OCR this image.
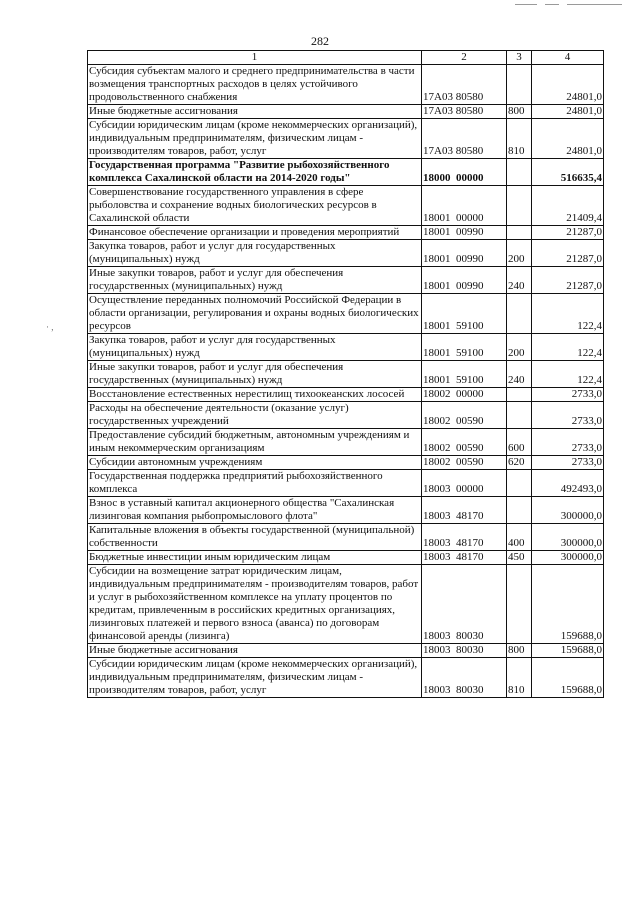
· ,
282
1	2	3	4
Субсидия субъектам малого и среднего предпринимательства в части возмещения транспортных расходов в целях устойчивого продовольственного снабжения	17А03 80580		24801,0
Иные бюджетные ассигнования	17А03 80580	800	24801,0
Субсидии юридическим лицам (кроме некоммерческих организаций), индивидуальным предпринимателям, физическим лицам - производителям товаров, работ, услуг	17А03 80580	810	24801,0
Государственная программа "Развитие рыбохозяйственного комплекса Сахалинской области на 2014-2020 годы"	18000  00000		516635,4
Совершенствование государственного управления в сфере рыболовства и сохранение водных биологических ресурсов в Сахалинской области	18001  00000		21409,4
Финансовое обеспечение организации и проведения мероприятий	18001  00990		21287,0
Закупка товаров, работ и услуг для государственных (муниципальных) нужд	18001  00990	200	21287,0
Иные закупки товаров, работ и услуг для обеспечения государственных (муниципальных) нужд	18001  00990	240	21287,0
Осуществление переданных полномочий Российской Федерации в области организации, регулирования и охраны водных биологических ресурсов	18001  59100		122,4
Закупка товаров, работ и услуг для государственных (муниципальных) нужд	18001  59100	200	122,4
Иные закупки товаров, работ и услуг для обеспечения государственных (муниципальных) нужд	18001  59100	240	122,4
Восстановление естественных нерестилищ тихоокеанских лососей	18002  00000		2733,0
Расходы на обеспечение деятельности (оказание услуг) государственных учреждений	18002  00590		2733,0
Предоставление субсидий бюджетным, автономным учреждениям и иным некоммерческим организациям	18002  00590	600	2733,0
Субсидии автономным учреждениям	18002  00590	620	2733,0
Государственная поддержка предприятий рыбохозяйственного комплекса	18003  00000		492493,0
Взнос в уставный капитал акционерного общества "Сахалинская лизинговая компания рыбопромыслового флота"	18003  48170		300000,0
Капитальные вложения в объекты государственной (муниципальной) собственности	18003  48170	400	300000,0
Бюджетные инвестиции иным юридическим лицам	18003  48170	450	300000,0
Субсидии на возмещение затрат юридическим лицам, индивидуальным предпринимателям - производителям товаров, работ и услуг в рыбохозяйственном комплексе на уплату процентов по кредитам, привлеченным в российских кредитных организациях, лизинговых платежей и первого взноса (аванса) по договорам финансовой аренды (лизинга)	18003  80030		159688,0
Иные бюджетные ассигнования	18003  80030	800	159688,0
Субсидии юридическим лицам (кроме некоммерческих организаций), индивидуальным предпринимателям, физическим лицам - производителям товаров, работ, услуг	18003  80030	810	159688,0
